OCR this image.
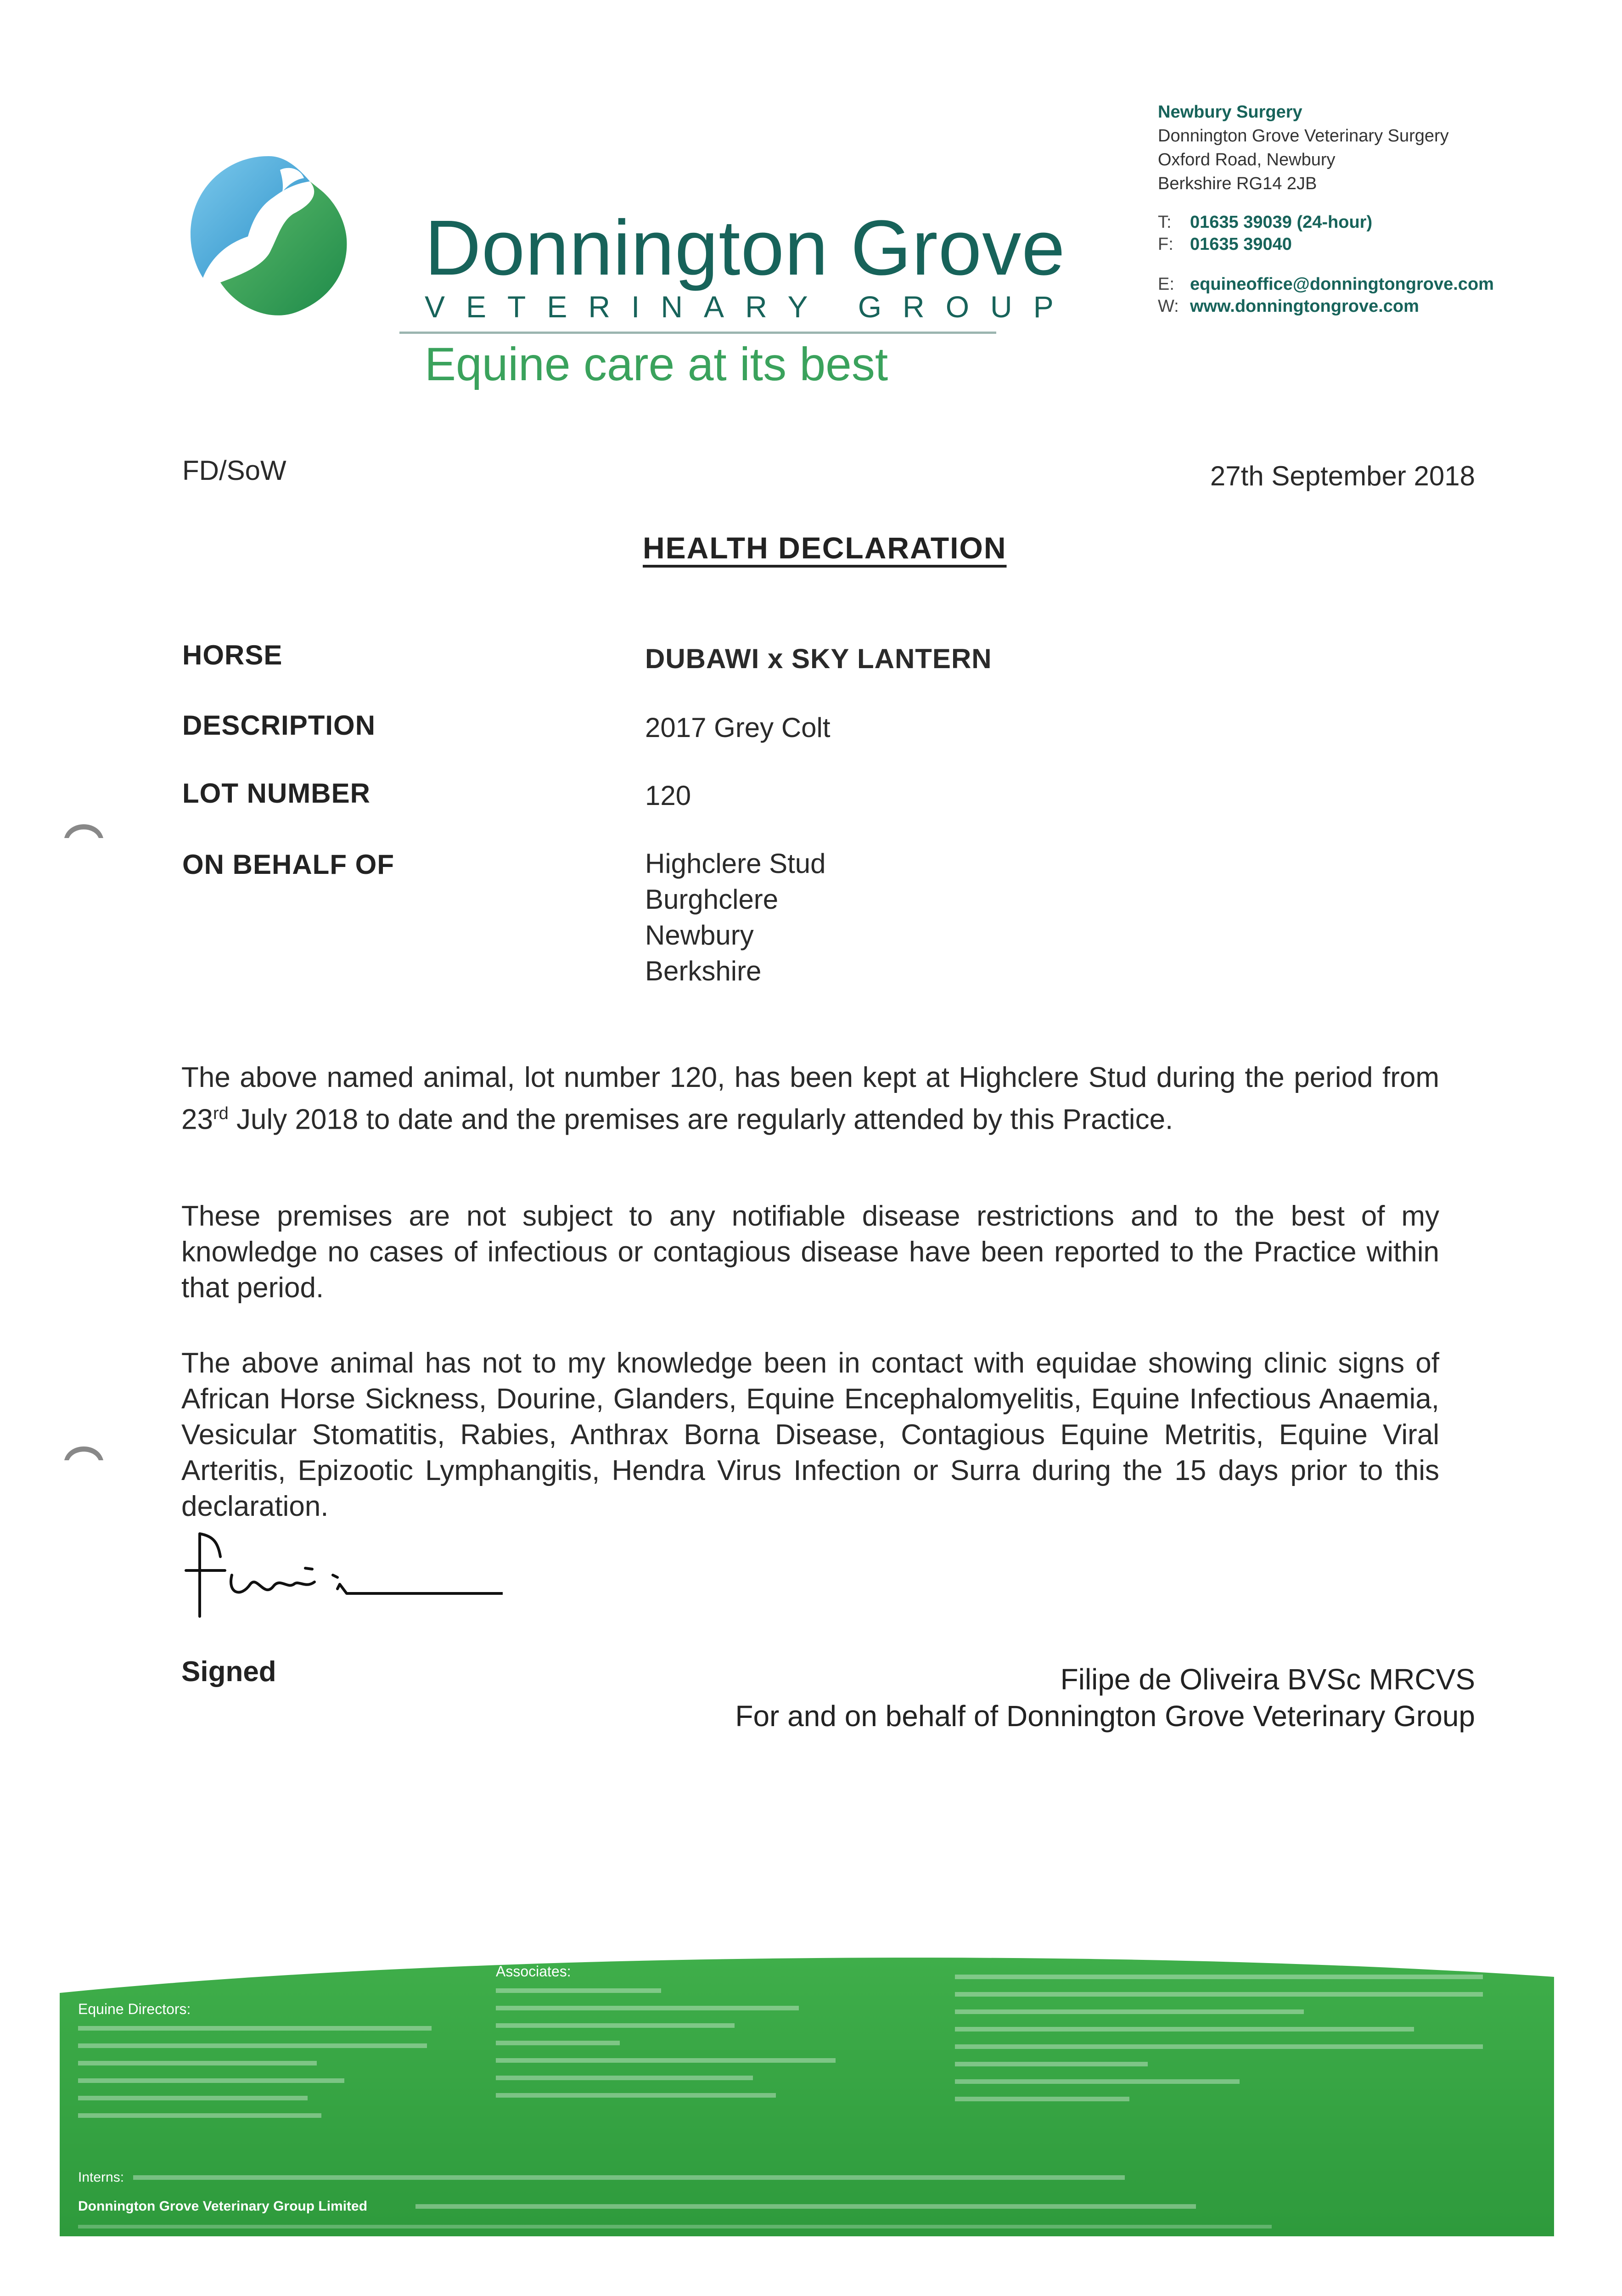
Donnington Grove
VETERINARY GROUP
Equine care at its best
Newbury Surgery
Donnington Grove Veterinary Surgery
Oxford Road, Newbury
Berkshire RG14 2JB
T: 01635 39039 (24-hour)
F: 01635 39040
E: equineoffice@donningtongrove.com
W: www.donningtongrove.com
FD/SoW	27th September 2018
HEALTH DECLARATION
HORSE	DUBAWI x SKY LANTERN
DESCRIPTION	2017 Grey Colt
LOT NUMBER	120
ON BEHALF OF	Highclere Stud
Burghclere
Newbury
Berkshire
The above named animal, lot number 120, has been kept at Highclere Stud during the period from 23rd July 2018 to date and the premises are regularly attended by this Practice.
These premises are not subject to any notifiable disease restrictions and to the best of my knowledge no cases of infectious or contagious disease have been reported to the Practice within that period.
The above animal has not to my knowledge been in contact with equidae showing clinic signs of African Horse Sickness, Dourine, Glanders, Equine Encephalomyelitis, Equine Infectious Anaemia, Vesicular Stomatitis, Rabies, Anthrax Borna Disease, Contagious Equine Metritis, Equine Viral Arteritis, Epizootic Lymphangitis, Hendra Virus Infection or Surra during the 15 days prior to this declaration.
Signed	Filipe de Oliveira BVSc MRCVS
For and on behalf of Donnington Grove Veterinary Group
Equine Directors:
Associates:
Interns:
Donnington Grove Veterinary Group Limited
